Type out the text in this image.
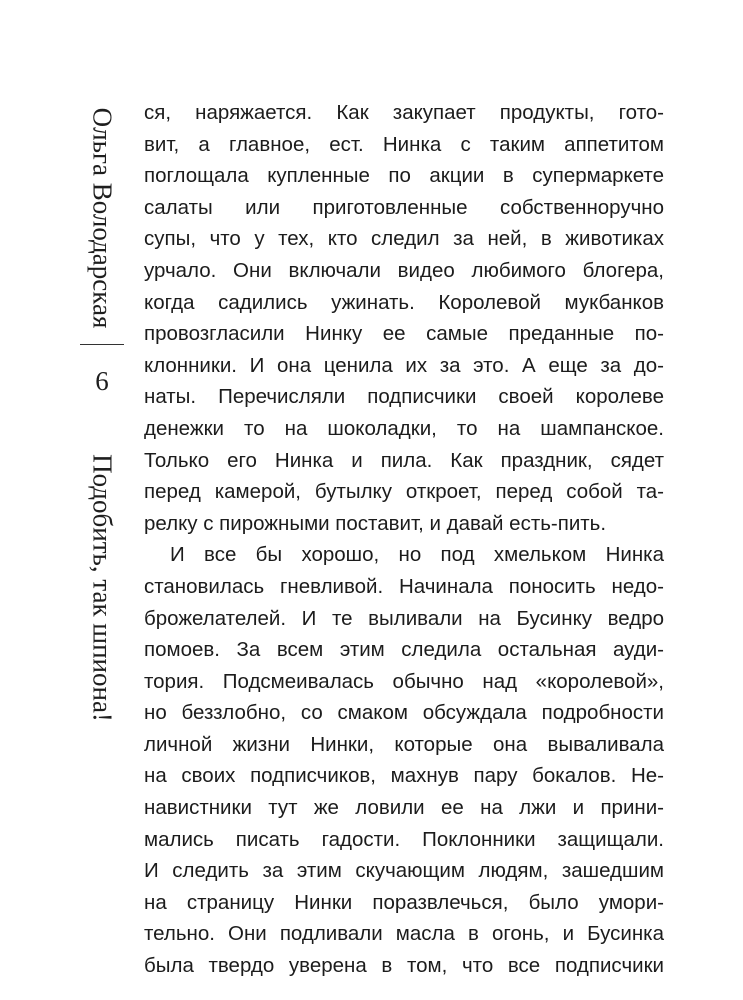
Ольга Володарская
6
Подобить, так шпиона!
ся, наряжается. Как закупает продукты, гото-
вит, а главное, ест. Нинка с таким аппетитом
поглощала купленные по акции в супермаркете
салаты или приготовленные собственноручно
супы, что у тех, кто следил за ней, в животиках
урчало. Они включали видео любимого блогера,
когда садились ужинать. Королевой мукбанков
провозгласили Нинку ее самые преданные по-
клонники. И она ценила их за это. А еще за до-
наты. Перечисляли подписчики своей королеве
денежки то на шоколадки, то на шампанское.
Только его Нинка и пила. Как праздник, сядет
перед камерой, бутылку откроет, перед собой та-
релку с пирожными поставит, и давай есть-пить.
И все бы хорошо, но под хмельком Нинка
становилась гневливой. Начинала поносить недо-
брожелателей. И те выливали на Бусинку ведро
помоев. За всем этим следила остальная ауди-
тория. Подсмеивалась обычно над «королевой»,
но беззлобно, со смаком обсуждала подробности
личной жизни Нинки, которые она вываливала
на своих подписчиков, махнув пару бокалов. Не-
навистники тут же ловили ее на лжи и прини-
мались писать гадости. Поклонники защищали.
И следить за этим скучающим людям, зашедшим
на страницу Нинки поразвлечься, было умори-
тельно. Они подливали масла в огонь, и Бусинка
была твердо уверена в том, что все подписчики
